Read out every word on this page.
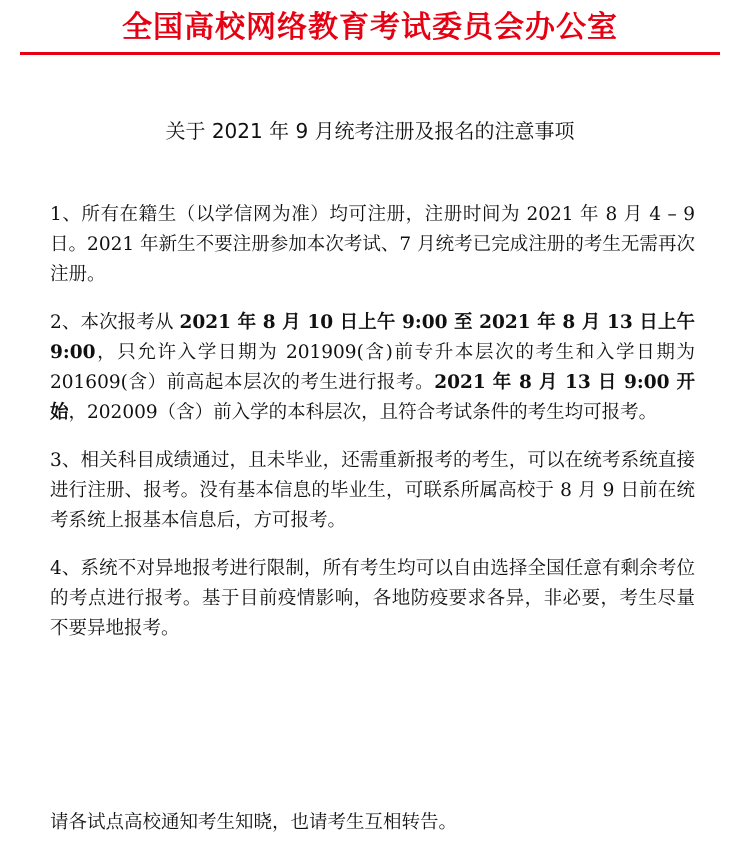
全国高校网络教育考试委员会办公室
关于 2021 年 9 月统考注册及报名的注意事项

1、所有在籍生（以学信网为准）均可注册，注册时间为 2021 年 8 月 4 – 9 日。2021 年新生不要注册参加本次考试、7 月统考已完成注册的考生无需再次注册。

2、本次报考从 2021 年 8 月 10 日上午 9:00 至 2021 年 8 月 13 日上午 9:00，只允许入学日期为 201909(含)前专升本层次的考生和入学日期为 201609(含）前高起本层次的考生进行报考。2021 年 8 月 13 日 9:00 开始，202009（含）前入学的本科层次，且符合考试条件的考生均可报考。

3、相关科目成绩通过，且未毕业，还需重新报考的考生，可以在统考系统直接进行注册、报考。没有基本信息的毕业生，可联系所属高校于 8 月 9 日前在统考系统上报基本信息后，方可报考。

4、系统不对异地报考进行限制，所有考生均可以自由选择全国任意有剩余考位的考点进行报考。基于目前疫情影响，各地防疫要求各异，非必要，考生尽量不要异地报考。

请各试点高校通知考生知晓，也请考生互相转告。
